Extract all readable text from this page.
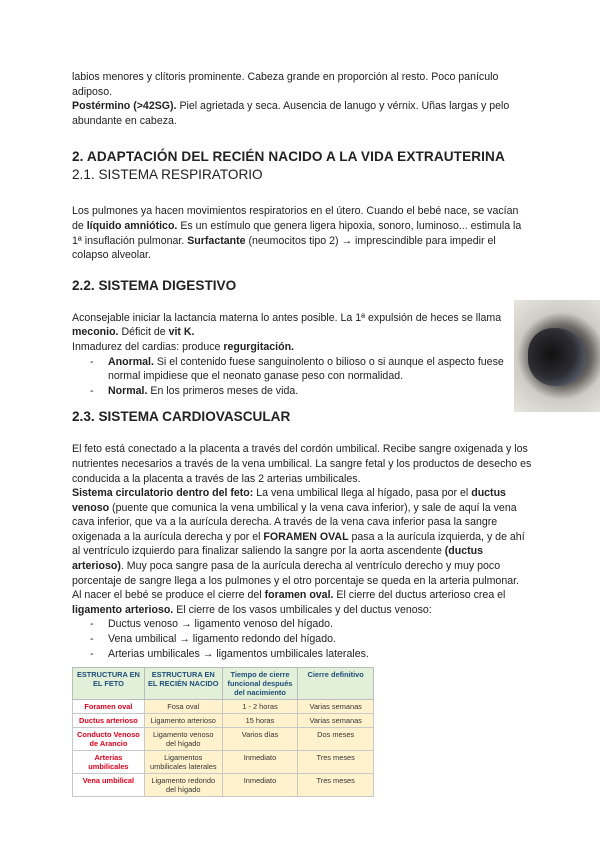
labios menores y clítoris prominente. Cabeza grande en proporción al resto. Poco panículo adiposo.

Postérmino (>42SG). Piel agrietada y seca. Ausencia de lanugo y vérnix. Uñas largas y pelo abundante en cabeza.

2. ADAPTACIÓN DEL RECIÉN NACIDO A LA VIDA EXTRAUTERINA
2.1. SISTEMA RESPIRATORIO

Los pulmones ya hacen movimientos respiratorios en el útero. Cuando el bebé nace, se vacían de líquido amniótico. Es un estímulo que genera ligera hipoxia, sonoro, luminoso... estimula la 1ª insuflación pulmonar. Surfactante (neumocitos tipo 2) → imprescindible para impedir el colapso alveolar.

2.2. SISTEMA DIGESTIVO

Aconsejable iniciar la lactancia materna lo antes posible. La 1ª expulsión de heces se llama meconio. Déficit de vit K.

Inmadurez del cardias: produce regurgitación.

- Anormal. Si el contenido fuese sanguinolento o bilioso o si aunque el aspecto fuese normal impidiese que el neonato ganase peso con normalidad.
- Normal. En los primeros meses de vida.
2.3. SISTEMA CARDIOVASCULAR

El feto está conectado a la placenta a través del cordón umbilical. Recibe sangre oxigenada y los nutrientes necesarios a través de la vena umbilical. La sangre fetal y los productos de desecho es conducida a la placenta a través de las 2 arterias umbilicales.

Sistema circulatorio dentro del feto: La vena umbilical llega al hígado, pasa por el ductus venoso (puente que comunica la vena umbilical y la vena cava inferior), y sale de aquí la vena cava inferior, que va a la aurícula derecha. A través de la vena cava inferior pasa la sangre oxigenada a la aurícula derecha y por el FORAMEN OVAL pasa a la aurícula izquierda, y de ahí al ventrículo izquierdo para finalizar saliendo la sangre por la aorta ascendente (ductus arterioso). Muy poca sangre pasa de la aurícula derecha al ventrículo derecho y muy poco porcentaje de sangre llega a los pulmones y el otro porcentaje se queda en la arteria pulmonar.

Al nacer el bebé se produce el cierre del foramen oval. El cierre del ductus arterioso crea el ligamento arterioso. El cierre de los vasos umbilicales y del ductus venoso:

- Ductus venoso → ligamento venoso del hígado.
- Vena umbilical → ligamento redondo del hígado.
- Arterias umbilicales → ligamentos umbilicales laterales.
ESTRUCTURA EN EL FETO	ESTRUCTURA EN EL RECIÉN NACIDO	Tiempo de cierre funcional después del nacimiento	Cierre definitivo
Foramen oval	Fosa oval	1 - 2 horas	Varias semanas
Ductus arterioso	Ligamento arterioso	15 horas	Varias semanas
Conducto Venoso de Arancio	Ligamento venoso del hígado	Varios días	Dos meses
Arterias umbilicales	Ligamentos umbilicales laterales	Inmediato	Tres meses
Vena umbilical	Ligamento redondo del hígado	Inmediato	Tres meses
